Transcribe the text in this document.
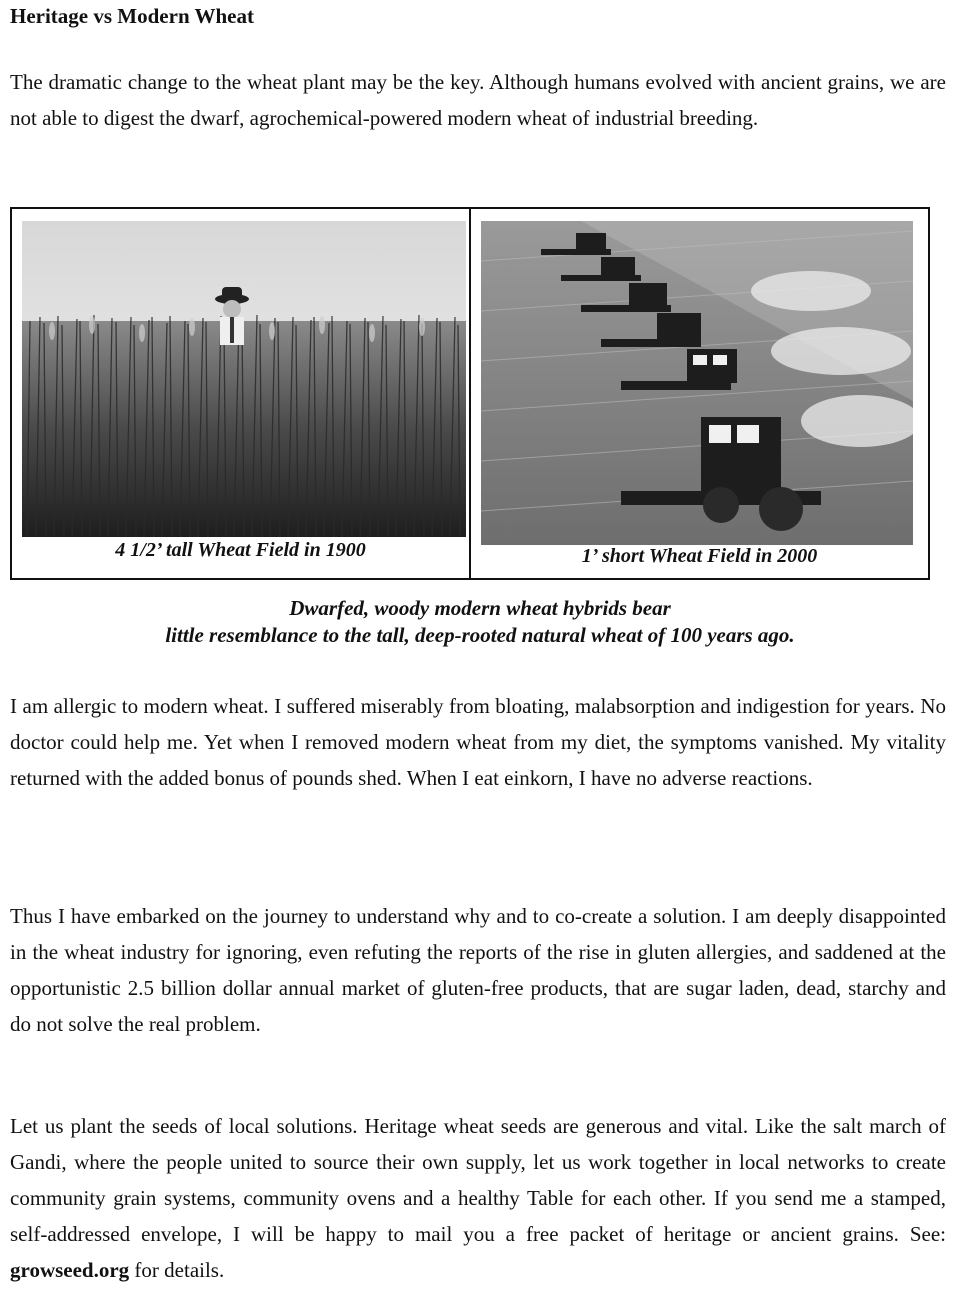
Heritage vs Modern Wheat

The dramatic change to the wheat plant may be the key. Although humans evolved with ancient grains, we are not able to digest the dwarf, agrochemical-powered modern wheat of industrial breeding.

4 1/2’ tall Wheat Field in 1900	1’ short Wheat Field in 2000
Dwarfed, woody modern wheat hybrids bear
little resemblance to the tall, deep-rooted natural wheat of 100 years ago.

I am allergic to modern wheat. I suffered miserably from bloating, malabsorption and indigestion for years. No doctor could help me. Yet when I removed modern wheat from my diet, the symptoms vanished. My vitality returned with the added bonus of pounds shed. When I eat einkorn, I have no adverse reactions.

Thus I have embarked on the journey to understand why and to co-create a solution. I am deeply disappointed in the wheat industry for ignoring, even refuting the reports of the rise in gluten allergies, and saddened at the opportunistic 2.5 billion dollar annual market of gluten-free products, that are sugar laden, dead, starchy and do not solve the real problem.

Let us plant the seeds of local solutions. Heritage wheat seeds are generous and vital. Like the salt march of Gandi, where the people united to source their own supply, let us work together in local networks to create community grain systems, community ovens and a healthy Table for each other. If you send me a stamped, self-addressed envelope, I will be happy to mail you a free packet of heritage or ancient grains. See: growseed.org for details.
